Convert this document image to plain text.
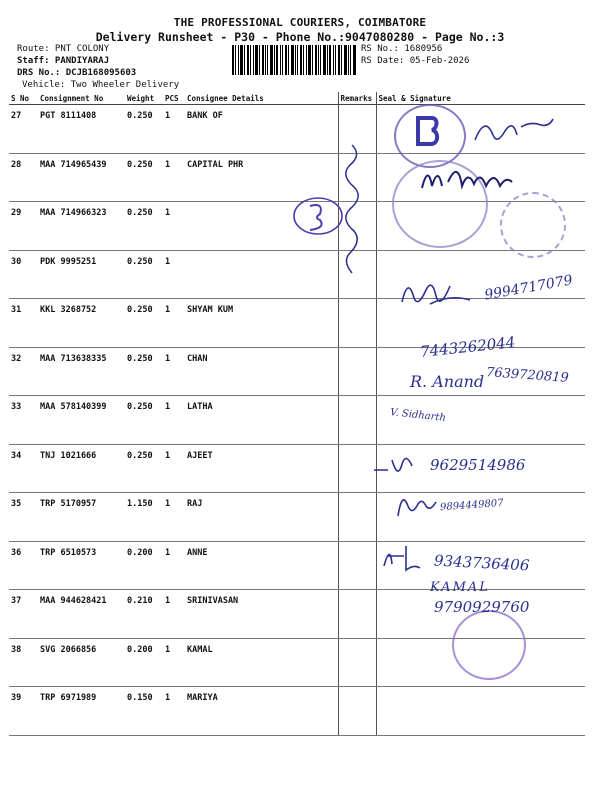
THE PROFESSIONAL COURIERS, COIMBATORE
Delivery Runsheet - P30 - Phone No.:9047080280 - Page No.:3
Route: PNT COLONY
Staff: PANDIYARAJ
DRS No.: DCJB168095603
Vehicle: Two Wheeler Delivery
RS No.: 1680956
RS Date: 05-Feb-2026
S No	Consignment No	Weight	PCS	Consignee Details	Remarks	Seal & Signature
27	PGT 8111408	0.250	1	BANK OF		
28	MAA 714965439	0.250	1	CAPITAL PHR		
29	MAA 714966323	0.250	1			
30	PDK 9995251	0.250	1			
31	KKL 3268752	0.250	1	SHYAM KUM		
32	MAA 713638335	0.250	1	CHAN		
33	MAA 578140399	0.250	1	LATHA		
34	TNJ 1021666	0.250	1	AJEET		
35	TRP 5170957	1.150	1	RAJ		
36	TRP 6510573	0.200	1	ANNE		
37	MAA 944628421	0.210	1	SRINIVASAN		
38	SVG 2066856	0.200	1	KAMAL		
39	TRP 6971989	0.150	1	MARIYA		
9994717079
7443262044
R. Anand 7639720819
V. Sidharth
9629514986
9894449807
9343736406
KAMAL
9790929760
